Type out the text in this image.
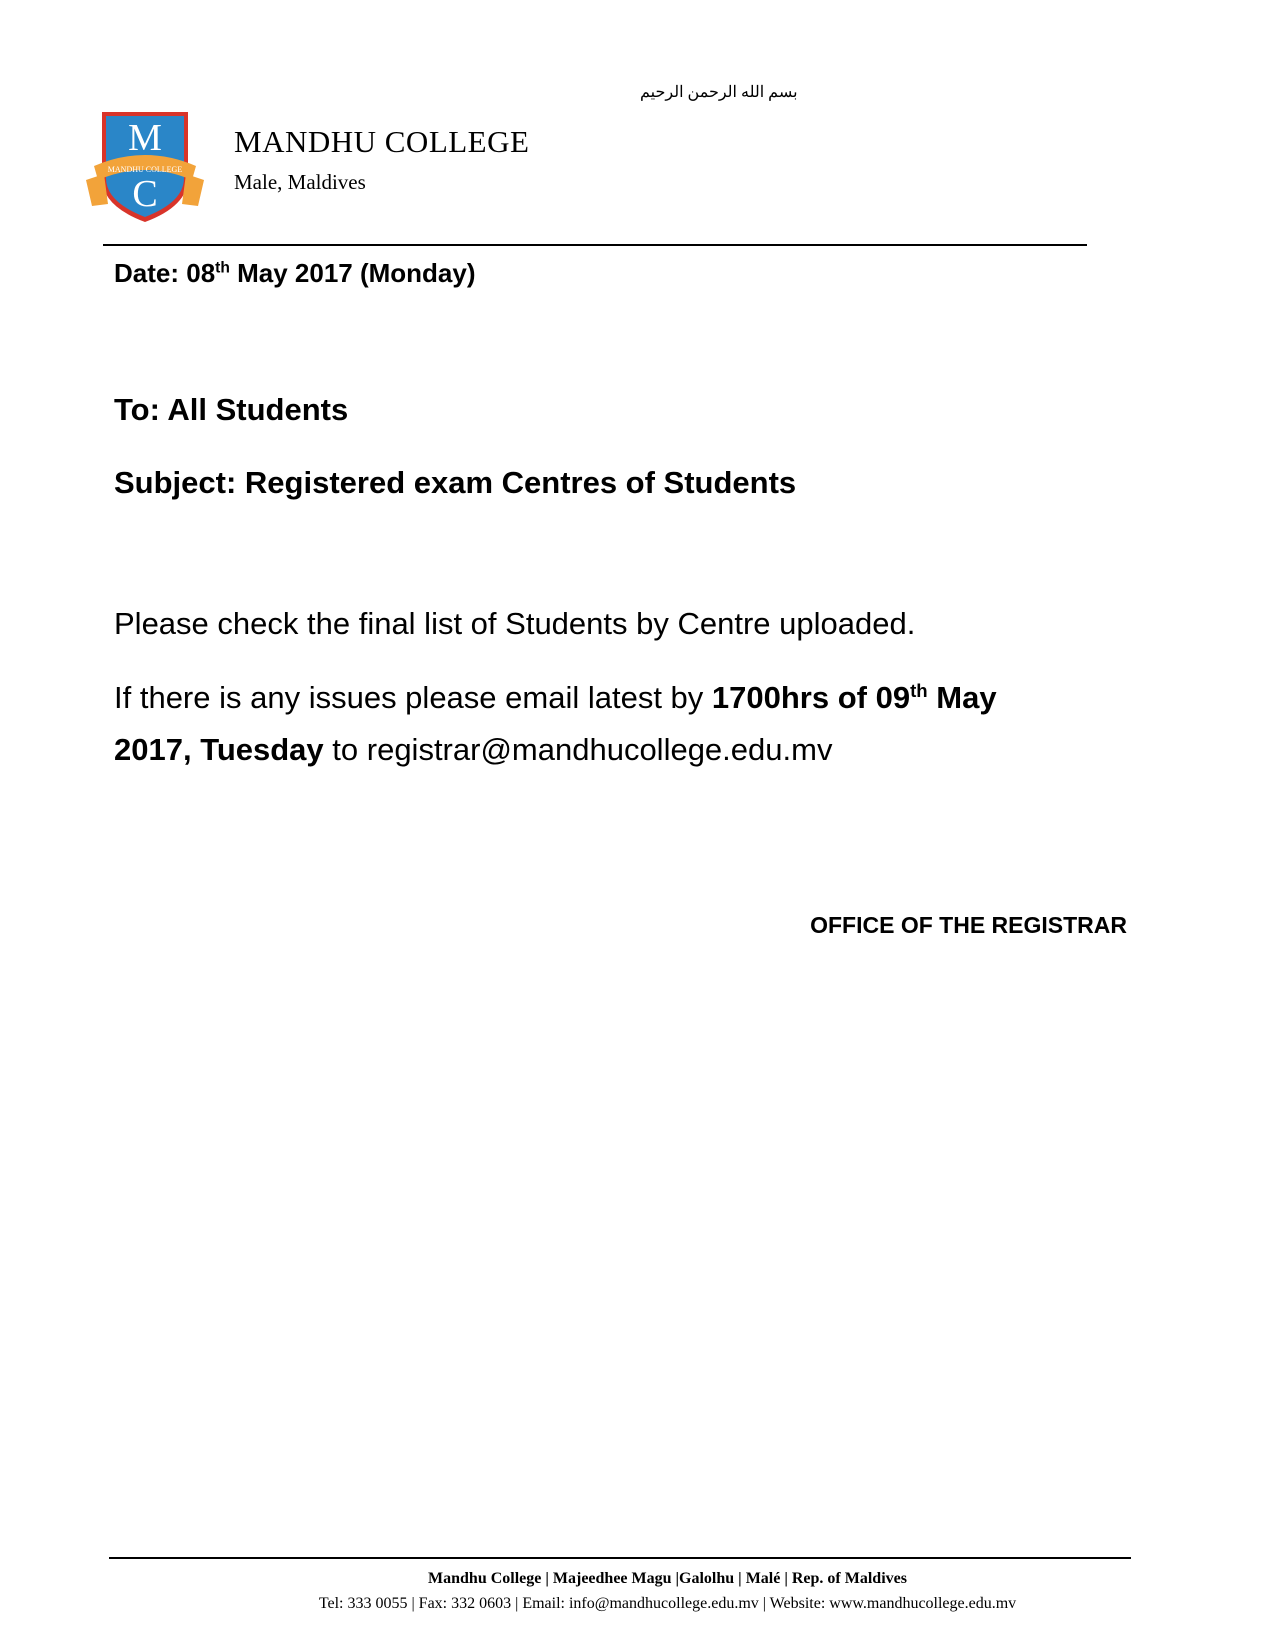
بسم الله الرحمن الرحيم
M
C
MANDHU COLLEGE
MANDHU COLLEGE
Male, Maldives
Date: 08th May 2017 (Monday)
To: All Students
Subject: Registered exam Centres of Students
Please check the final list of Students by Centre uploaded.
If there is any issues please email latest by 1700hrs of 09th May
2017, Tuesday to registrar@mandhucollege.edu.mv
OFFICE OF THE REGISTRAR
Mandhu College | Majeedhee Magu |Galolhu | Malé | Rep. of Maldives
Tel: 333 0055 | Fax: 332 0603 | Email: info@mandhucollege.edu.mv | Website: www.mandhucollege.edu.mv
